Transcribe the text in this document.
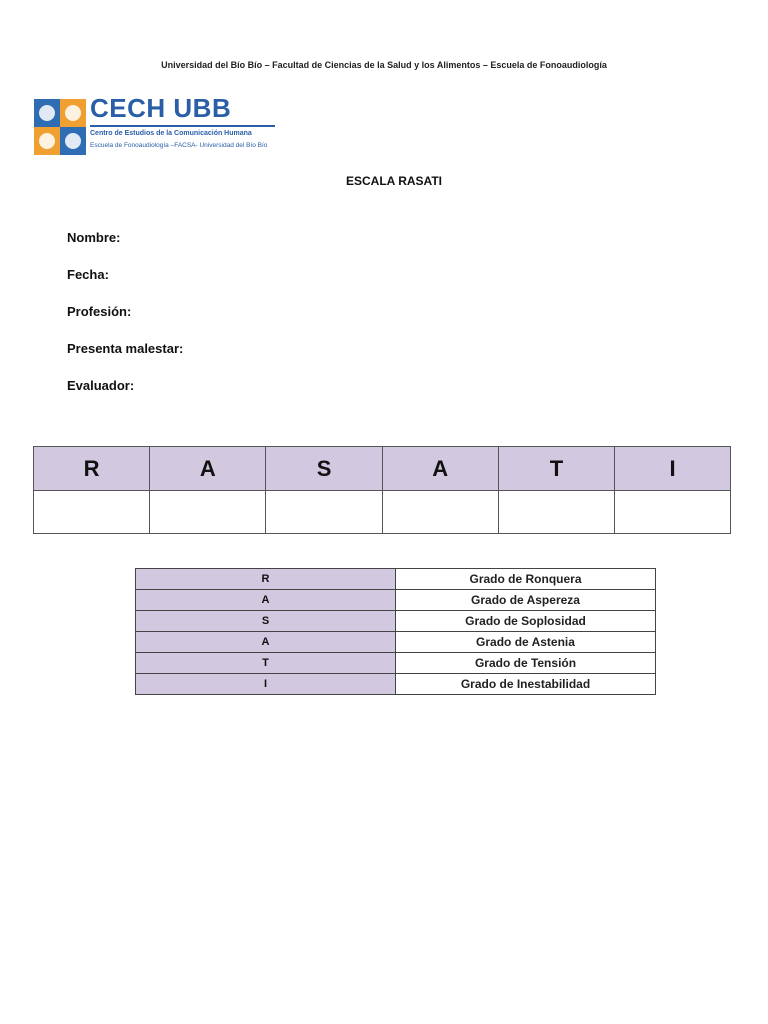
Universidad del Bío Bío – Facultad de Ciencias de la Salud y los Alimentos – Escuela de Fonoaudiología
CECH UBB
Centro de Estudios de la Comunicación Humana
Escuela de Fonoaudiología –FACSA- Universidad del Bío Bío
ESCALA RASATI
Nombre:
Fecha:
Profesión:
Presenta malestar:
Evaluador:
R	A	S	A	T	I

R	Grado de Ronquera
A	Grado de Aspereza
S	Grado de Soplosidad
A	Grado de Astenia
T	Grado de Tensión
I	Grado de Inestabilidad
